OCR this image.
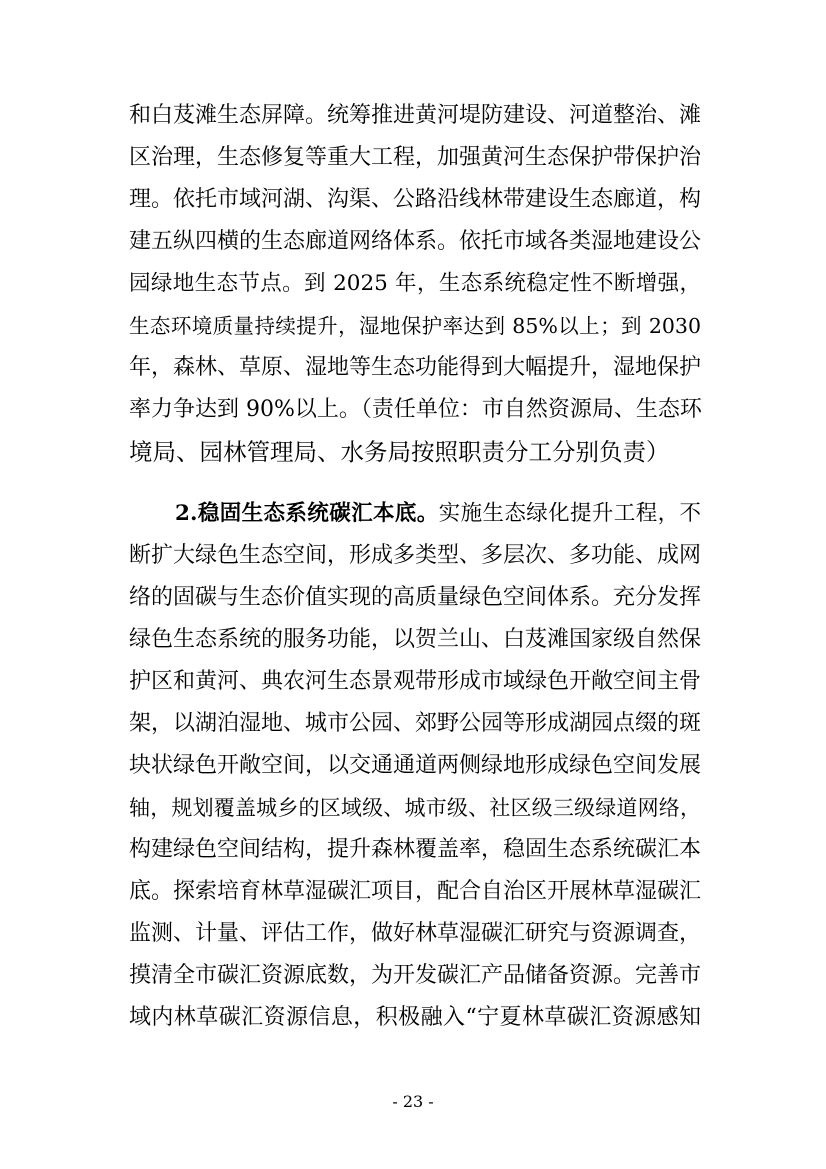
和白芨滩生态屏障。统筹推进黄河堤防建设、河道整治、滩
区治理，生态修复等重大工程，加强黄河生态保护带保护治
理。依托市域河湖、沟渠、公路沿线林带建设生态廊道，构
建五纵四横的生态廊道网络体系。依托市域各类湿地建设公
园绿地生态节点。到 2025 年，生态系统稳定性不断增强，
生态环境质量持续提升，湿地保护率达到 85%以上；到 2030
年，森林、草原、湿地等生态功能得到大幅提升，湿地保护
率力争达到 90%以上。（责任单位：市自然资源局、生态环
境局、园林管理局、水务局按照职责分工分别负责）
2.稳固生态系统碳汇本底。实施生态绿化提升工程，不
断扩大绿色生态空间，形成多类型、多层次、多功能、成网
络的固碳与生态价值实现的高质量绿色空间体系。充分发挥
绿色生态系统的服务功能，以贺兰山、白芨滩国家级自然保
护区和黄河、典农河生态景观带形成市域绿色开敞空间主骨
架，以湖泊湿地、城市公园、郊野公园等形成湖园点缀的斑
块状绿色开敞空间，以交通通道两侧绿地形成绿色空间发展
轴，规划覆盖城乡的区域级、城市级、社区级三级绿道网络，
构建绿色空间结构，提升森林覆盖率，稳固生态系统碳汇本
底。探索培育林草湿碳汇项目，配合自治区开展林草湿碳汇
监测、计量、评估工作，做好林草湿碳汇研究与资源调查，
摸清全市碳汇资源底数，为开发碳汇产品储备资源。完善市
域内林草碳汇资源信息，积极融入“宁夏林草碳汇资源感知
- 23 -
